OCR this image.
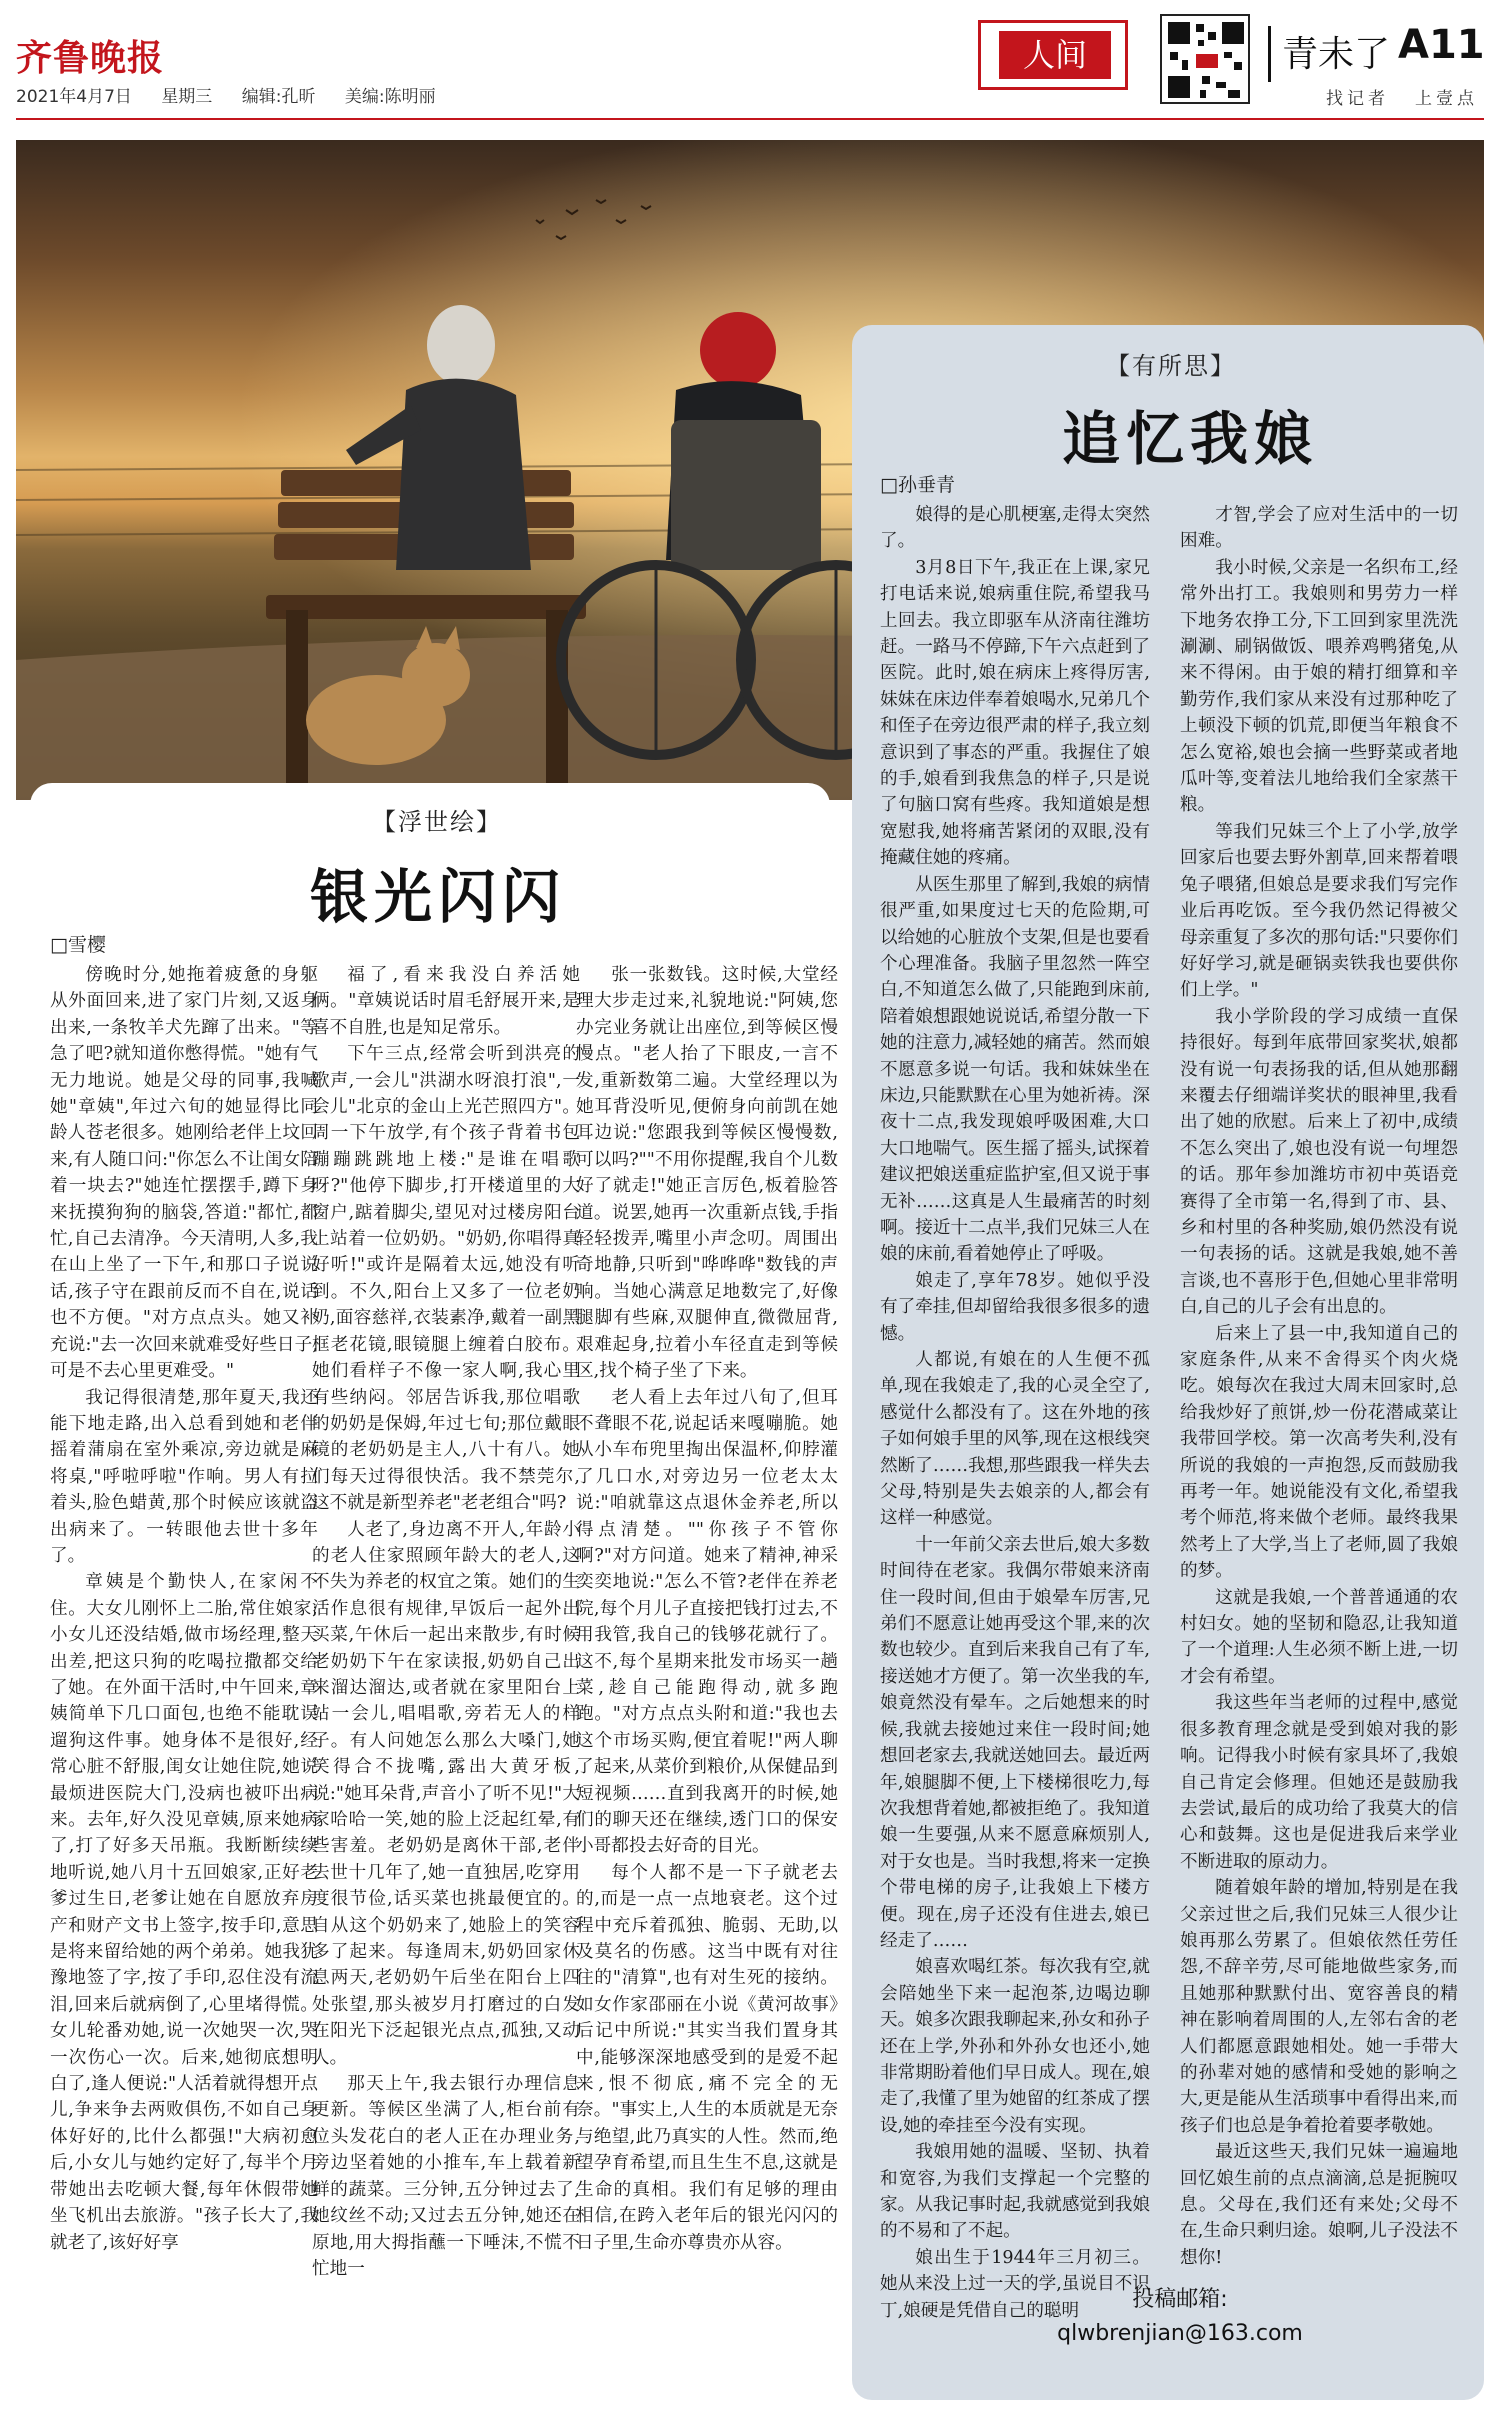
齐鲁晚报
2021年4月7日 星期三 编辑:孔昕 美编:陈明丽
人间	青未了 A11
找记者 上壹点
【有所思】
追忆我娘
□孙垂青

娘得的是心肌梗塞,走得太突然了。

3月8日下午,我正在上课,家兄打电话来说,娘病重住院,希望我马上回去。我立即驱车从济南往潍坊赶。一路马不停蹄,下午六点赶到了医院。此时,娘在病床上疼得厉害,妹妹在床边伴奉着娘喝水,兄弟几个和侄子在旁边很严肃的样子,我立刻意识到了事态的严重。我握住了娘的手,娘看到我焦急的样子,只是说了句脑口窝有些疼。我知道娘是想宽慰我,她将痛苦紧闭的双眼,没有掩藏住她的疼痛。

从医生那里了解到,我娘的病情很严重,如果度过七天的危险期,可以给她的心脏放个支架,但是也要看个心理准备。我脑子里忽然一阵空白,不知道怎么做了,只能跑到床前,陪着娘想跟她说说话,希望分散一下她的注意力,减轻她的痛苦。然而娘不愿意多说一句话。我和妹妹坐在床边,只能默默在心里为她祈祷。深夜十二点,我发现娘呼吸困难,大口大口地喘气。医生摇了摇头,试探着建议把娘送重症监护室,但又说于事无补……这真是人生最痛苦的时刻啊。接近十二点半,我们兄妹三人在娘的床前,看着她停止了呼吸。

娘走了,享年78岁。她似乎没有了牵挂,但却留给我很多很多的遗憾。

人都说,有娘在的人生便不孤单,现在我娘走了,我的心灵全空了,感觉什么都没有了。这在外地的孩子如何娘手里的风筝,现在这根线突然断了……我想,那些跟我一样失去父母,特别是失去娘亲的人,都会有这样一种感觉。

十一年前父亲去世后,娘大多数时间待在老家。我偶尔带娘来济南住一段时间,但由于娘晕车厉害,兄弟们不愿意让她再受这个罪,来的次数也较少。直到后来我自己有了车,接送她才方便了。第一次坐我的车,娘竟然没有晕车。之后她想来的时候,我就去接她过来住一段时间;她想回老家去,我就送她回去。最近两年,娘腿脚不便,上下楼梯很吃力,每次我想背着她,都被拒绝了。我知道娘一生要强,从来不愿意麻烦别人,对于女也是。当时我想,将来一定换个带电梯的房子,让我娘上下楼方便。现在,房子还没有住进去,娘已经走了……

娘喜欢喝红茶。每次我有空,就会陪她坐下来一起泡茶,边喝边聊天。娘多次跟我聊起来,孙女和孙子还在上学,外孙和外孙女也还小,她非常期盼着他们早日成人。现在,娘走了,我懂了里为她留的红茶成了摆设,她的牵挂至今没有实现。

我娘用她的温暖、坚韧、执着和宽容,为我们支撑起一个完整的家。从我记事时起,我就感觉到我娘的不易和了不起。

娘出生于1944年三月初三。她从来没上过一天的学,虽说目不识丁,娘硬是凭借自己的聪明

才智,学会了应对生活中的一切困难。

我小时候,父亲是一名织布工,经常外出打工。我娘则和男劳力一样下地务农挣工分,下工回到家里洗洗涮涮、刷锅做饭、喂养鸡鸭猪兔,从来不得闲。由于娘的精打细算和辛勤劳作,我们家从来没有过那种吃了上顿没下顿的饥荒,即便当年粮食不怎么宽裕,娘也会摘一些野菜或者地瓜叶等,变着法儿地给我们全家蒸干粮。

等我们兄妹三个上了小学,放学回家后也要去野外割草,回来帮着喂兔子喂猪,但娘总是要求我们写完作业后再吃饭。至今我仍然记得被父母亲重复了多次的那句话:"只要你们好好学习,就是砸锅卖铁我也要供你们上学。"

我小学阶段的学习成绩一直保持很好。每到年底带回家奖状,娘都没有说一句表扬我的话,但从她那翻来覆去仔细端详奖状的眼神里,我看出了她的欣慰。后来上了初中,成绩不怎么突出了,娘也没有说一句埋怨的话。那年参加潍坊市初中英语竞赛得了全市第一名,得到了市、县、乡和村里的各种奖励,娘仍然没有说一句表扬的话。这就是我娘,她不善言谈,也不喜形于色,但她心里非常明白,自己的儿子会有出息的。

后来上了县一中,我知道自己的家庭条件,从来不舍得买个肉火烧吃。娘每次在我过大周末回家时,总给我炒好了煎饼,炒一份花潜咸菜让我带回学校。第一次高考失利,没有所说的我娘的一声抱怨,反而鼓励我再考一年。她说能没有文化,希望我考个师范,将来做个老师。最终我果然考上了大学,当上了老师,圆了我娘的梦。

这就是我娘,一个普普通通的农村妇女。她的坚韧和隐忍,让我知道了一个道理:人生必须不断上进,一切才会有希望。

我这些年当老师的过程中,感觉很多教育理念就是受到娘对我的影响。记得我小时候有家具坏了,我娘自己肯定会修理。但她还是鼓励我去尝试,最后的成功给了我莫大的信心和鼓舞。这也是促进我后来学业不断进取的原动力。

随着娘年龄的增加,特别是在我父亲过世之后,我们兄妹三人很少让娘再那么劳累了。但娘依然任劳任怨,不辞辛劳,尽可能地做些家务,而且她那种默默付出、宽容善良的精神在影响着周围的人,左邻右舍的老人们都愿意跟她相处。她一手带大的孙辈对她的感情和受她的影响之大,更是能从生活琐事中看得出来,而孩子们也总是争着抢着要孝敬她。

最近这些天,我们兄妹一遍遍地回忆娘生前的点点滴滴,总是扼腕叹息。父母在,我们还有来处;父母不在,生命只剩归途。娘啊,儿子没法不想你!

投稿邮箱:
qlwbrenjian@163.com
【浮世绘】
银光闪闪
□雪樱

傍晚时分,她拖着疲惫的身躯从外面回来,进了家门片刻,又返身出来,一条牧羊犬先蹿了出来。"等急了吧?就知道你憋得慌。"她有气无力地说。她是父母的同事,我喊她"章姨",年过六旬的她显得比同龄人苍老很多。她刚给老伴上坟回来,有人随口问:"你怎么不让闺女陪着一块去?"她连忙摆摆手,蹲下身来抚摸狗狗的脑袋,答道:"都忙,都忙,自己去清净。今天清明,人多,我在山上坐了一下午,和那口子说说话,孩子守在跟前反而不自在,说话也不方便。"对方点点头。她又补充说:"去一次回来就难受好些日子,可是不去心里更难受。"

我记得很清楚,那年夏天,我还能下地走路,出入总看到她和老伴摇着蒲扇在室外乘凉,旁边就是麻将桌,"呼啦呼啦"作响。男人有拉着头,脸色蜡黄,那个时候应该就盗出病来了。一转眼他去世十多年了。

章姨是个勤快人,在家闲不住。大女儿刚怀上二胎,常住娘家;小女儿还没结婚,做市场经理,整天出差,把这只狗的吃喝拉撒都交给了她。在外面干活时,中午回来,章姨简单下几口面包,也绝不能耽误遛狗这件事。她身体不是很好,经常心脏不舒服,闺女让她住院,她说最烦进医院大门,没病也被吓出病来。去年,好久没见章姨,原来她病了,打了好多天吊瓶。我断断续续地听说,她八月十五回娘家,正好老爹过生日,老爹让她在自愿放弃房产和财产文书上签字,按手印,意思是将来留给她的两个弟弟。她我犹豫地签了字,按了手印,忍住没有流泪,回来后就病倒了,心里堵得慌。女儿轮番劝她,说一次她哭一次,哭一次伤心一次。后来,她彻底想明白了,逢人便说:"人活着就得想开点儿,争来争去两败俱伤,不如自己身体好好的,比什么都强!"大病初愈后,小女儿与她约定好了,每半个月带她出去吃顿大餐,每年休假带她坐飞机出去旅游。"孩子长大了,我就老了,该好好享

福了,看来我没白养活她俩。"章姨说话时眉毛舒展开来,是喜不自胜,也是知足常乐。

下午三点,经常会听到洪亮的歌声,一会儿"洪湖水呀浪打浪",一会儿"北京的金山上光芒照四方"。周一下午放学,有个孩子背着书包蹦蹦跳跳地上楼:"是谁在唱歌呀?"他停下脚步,打开楼道里的大窗户,踮着脚尖,望见对过楼房阳台上站着一位奶奶。"奶奶,你唱得真好听!"或许是隔着太远,她没有听到。不久,阳台上又多了一位老奶奶,面容慈祥,衣装素净,戴着一副黑框老花镜,眼镜腿上缠着白胶布。她们看样子不像一家人啊,我心里有些纳闷。邻居告诉我,那位唱歌的奶奶是保姆,年过七旬;那位戴眼镜的老奶奶是主人,八十有八。她们每天过得很快活。我不禁莞尔,这不就是新型养老"老老组合"吗?

人老了,身边离不开人,年龄小的老人住家照顾年龄大的老人,这不失为养老的权宜之策。她们的生活作息很有规律,早饭后一起外出买菜,午休后一起出来散步,有时候老奶奶下午在家读报,奶奶自己出来溜达溜达,或者就在家里阳台上站一会儿,唱唱歌,旁若无人的样子。有人问她怎么那么大嗓门,她笑得合不拢嘴,露出大黄牙板,说:"她耳朵背,声音小了听不见!"大家哈哈一笑,她的脸上泛起红晕,有些害羞。老奶奶是离休干部,老伴去世十几年了,她一直独居,吃穿用度很节俭,话买菜也挑最便宜的。自从这个奶奶来了,她脸上的笑容多了起来。每逢周末,奶奶回家休息两天,老奶奶午后坐在阳台上四处张望,那头被岁月打磨过的白发在阳光下泛起银光点点,孤独,又动人。

那天上午,我去银行办理信息更新。等候区坐满了人,柜台前有位头发花白的老人正在办理业务,旁边坚着她的小推车,车上载着新鲜的蔬菜。三分钟,五分钟过去了,她纹丝不动;又过去五分钟,她还在原地,用大拇指蘸一下唾沫,不慌不忙地一

张一张数钱。这时候,大堂经理大步走过来,礼貌地说:"阿姨,您办完业务就让出座位,到等候区慢慢点。"老人抬了下眼皮,一言不发,重新数第二遍。大堂经理以为她耳背没听见,便俯身向前凯在她耳边说:"您跟我到等候区慢慢数,可以吗?""不用你提醒,我自个儿数好了就走!"她正言厉色,板着脸答道。说罢,她再一次重新点钱,手指轻轻拨弄,嘴里小声念叨。周围出奇地静,只听到"哗哗哗"数钱的声响。当她心满意足地数完了,好像腿脚有些麻,双腿伸直,微微屈背,艰难起身,拉着小车径直走到等候区,找个椅子坐了下来。

老人看上去年过八旬了,但耳不聋眼不花,说起话来嘎嘣脆。她从小车布兜里掏出保温杯,仰脖灌了几口水,对旁边另一位老太太说:"咱就靠这点退休金养老,所以得点清楚。""你孩子不管你啊?"对方问道。她来了精神,神采奕奕地说:"怎么不管?老伴在养老院,每个月儿子直接把钱打过去,不用我管,我自己的钱够花就行了。这不,每个星期来批发市场买一趟菜,趁自己能跑得动,就多跑跑。"对方点点头附和道:"我也去这个市场买购,便宜着呢!"两人聊了起来,从菜价到粮价,从保健品到短视频……直到我离开的时候,她们的聊天还在继续,透门口的保安小哥都投去好奇的目光。

每个人都不是一下子就老去的,而是一点一点地衰老。这个过程中充斥着孤独、脆弱、无助,以及莫名的伤感。这当中既有对往往的"清算",也有对生死的接纳。如女作家邵丽在小说《黄河故事》后记中所说:"其实当我们置身其中,能够深深地感受到的是爱不起来,恨不彻底,痛不完全的无奈。"事实上,人生的本质就是无奈与绝望,此乃真实的人性。然而,绝望孕育希望,而且生生不息,这就是生命的真相。我们有足够的理由相信,在跨入老年后的银光闪闪的日子里,生命亦尊贵亦从容。
